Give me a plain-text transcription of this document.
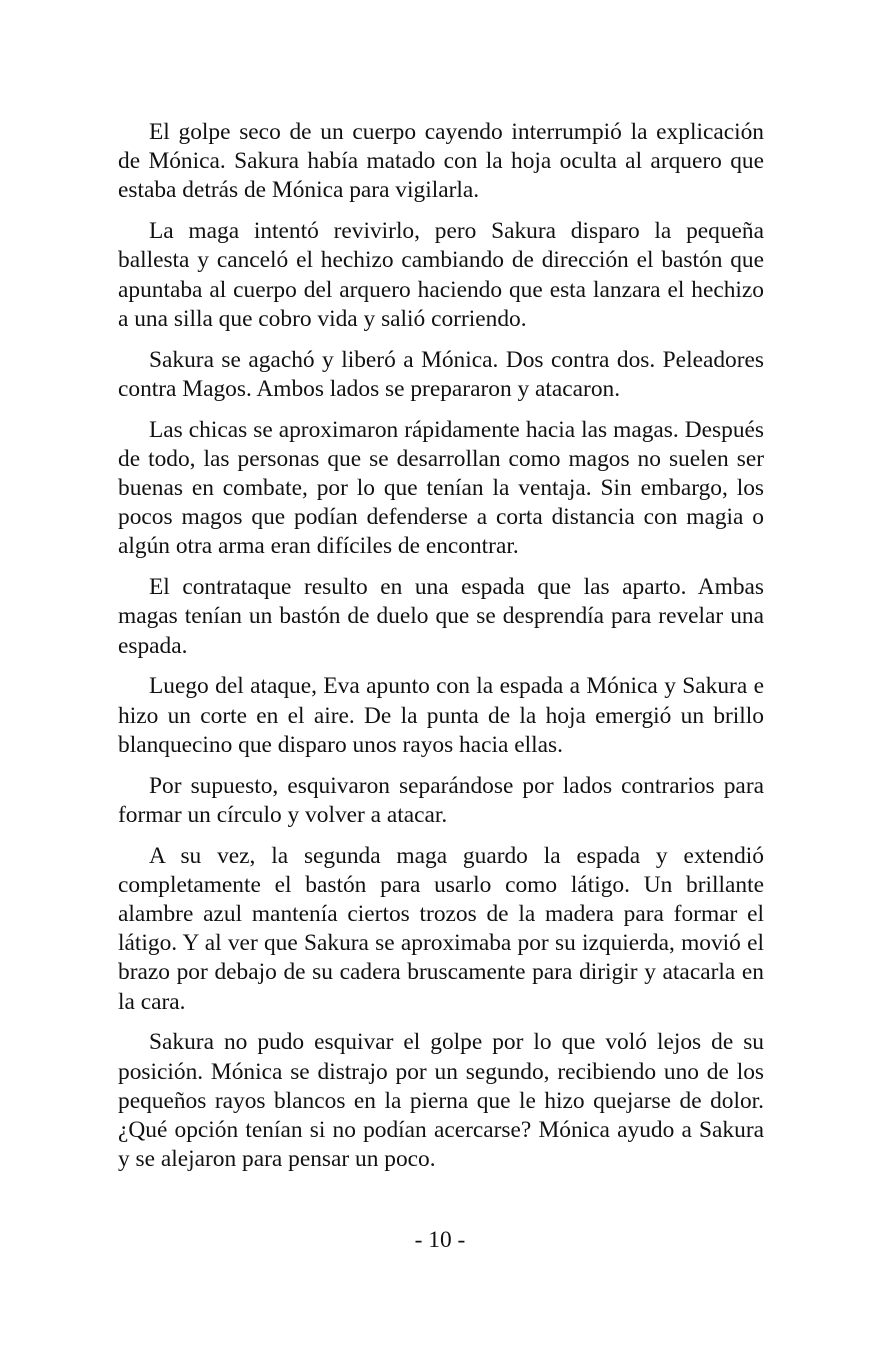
El golpe seco de un cuerpo cayendo interrumpió la explicación de Mónica. Sakura había matado con la hoja oculta al arquero que estaba detrás de Mónica para vigilarla.

La maga intentó revivirlo, pero Sakura disparo la pequeña ballesta y canceló el hechizo cambiando de dirección el bastón que apuntaba al cuerpo del arquero haciendo que esta lanzara el hechizo a una silla que cobro vida y salió corriendo.

Sakura se agachó y liberó a Mónica. Dos contra dos. Peleadores contra Magos. Ambos lados se prepararon y atacaron.

Las chicas se aproximaron rápidamente hacia las magas. Después de todo, las personas que se desarrollan como magos no suelen ser buenas en combate, por lo que tenían la ventaja. Sin embargo, los pocos magos que podían defenderse a corta distancia con magia o algún otra arma eran difíciles de encontrar.

El contrataque resulto en una espada que las aparto. Ambas magas tenían un bastón de duelo que se desprendía para revelar una espada.

Luego del ataque, Eva apunto con la espada a Mónica y Sakura e hizo un corte en el aire. De la punta de la hoja emergió un brillo blanquecino que disparo unos rayos hacia ellas.

Por supuesto, esquivaron separándose por lados contrarios para formar un círculo y volver a atacar.

A su vez, la segunda maga guardo la espada y extendió completamente el bastón para usarlo como látigo. Un brillante alambre azul mantenía ciertos trozos de la madera para formar el látigo. Y al ver que Sakura se aproximaba por su izquierda, movió el brazo por debajo de su cadera bruscamente para dirigir y atacarla en la cara.

Sakura no pudo esquivar el golpe por lo que voló lejos de su posición. Mónica se distrajo por un segundo, recibiendo uno de los pequeños rayos blancos en la pierna que le hizo quejarse de dolor. ¿Qué opción tenían si no podían acercarse? Mónica ayudo a Sakura y se alejaron para pensar un poco.

- 10 -
